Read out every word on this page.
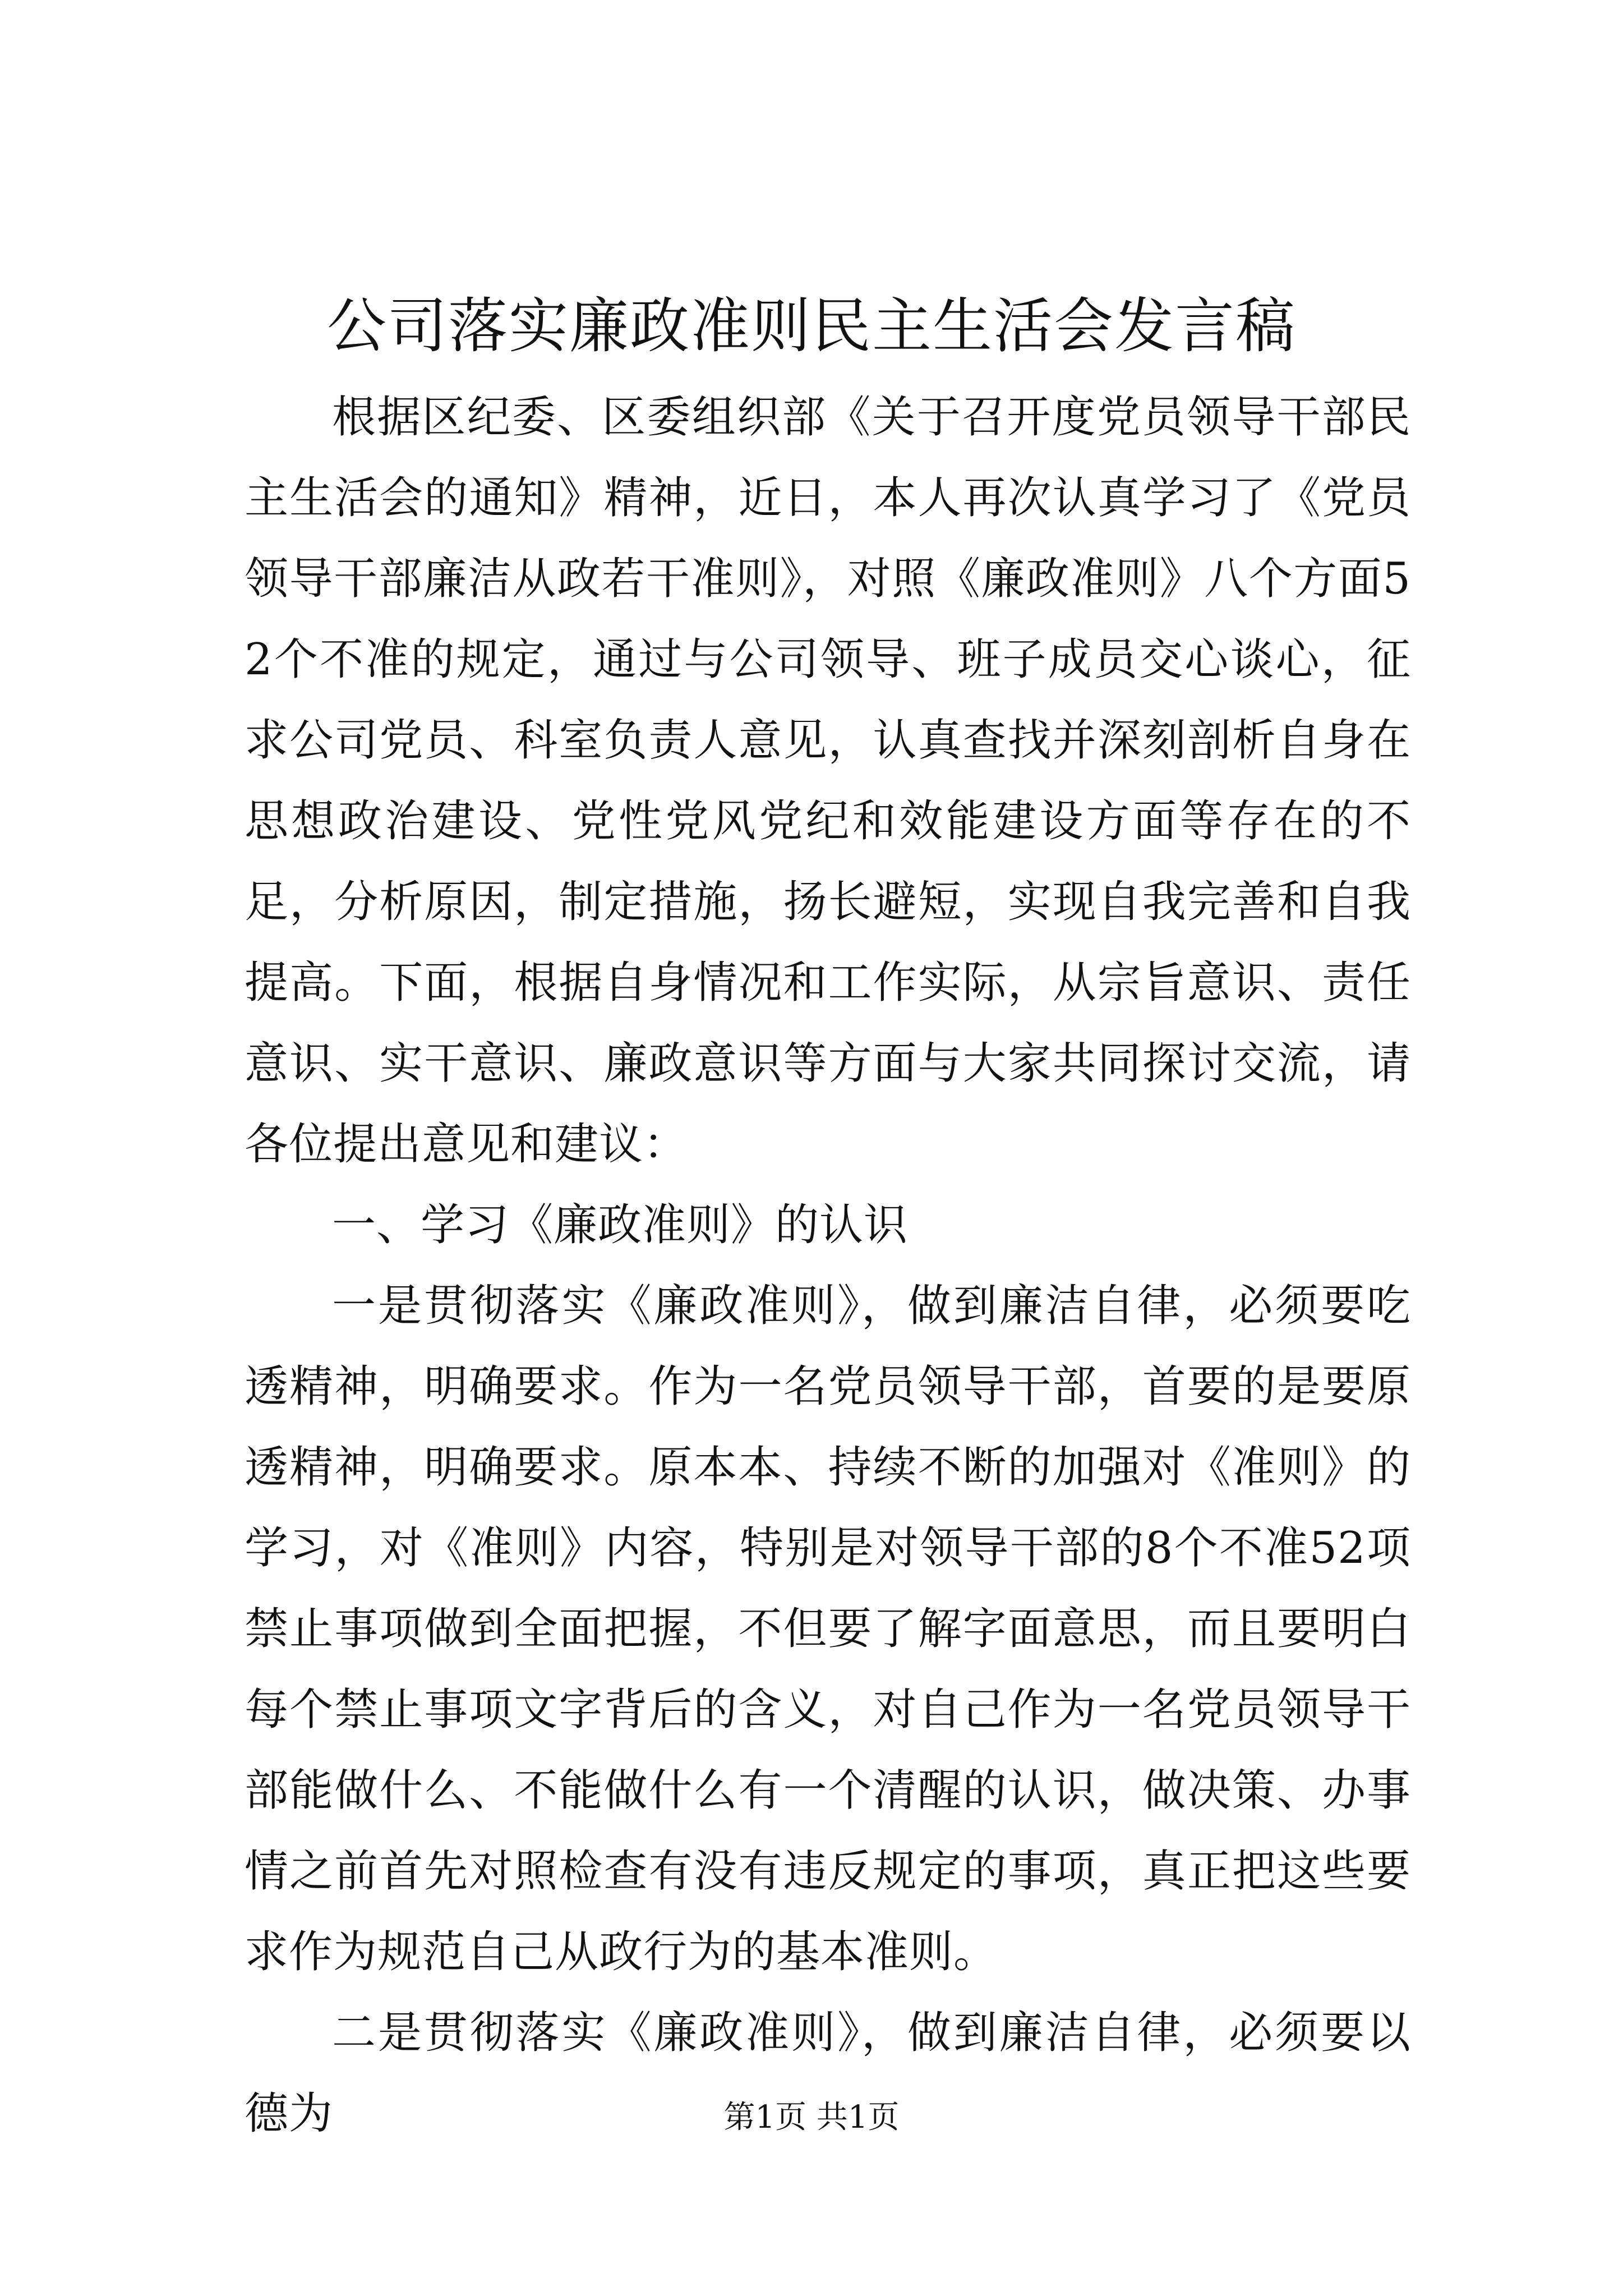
公司落实廉政准则民主生活会发言稿

根据区纪委、区委组织部《关于召开度党员领导干部民主生活会的通知》精神，近日，本人再次认真学习了《党员领导干部廉洁从政若干准则》，对照《廉政准则》八个方面52个不准的规定，通过与公司领导、班子成员交心谈心，征求公司党员、科室负责人意见，认真查找并深刻剖析自身在思想政治建设、党性党风党纪和效能建设方面等存在的不足，分析原因，制定措施，扬长避短，实现自我完善和自我提高。下面，根据自身情况和工作实际，从宗旨意识、责任意识、实干意识、廉政意识等方面与大家共同探讨交流，请各位提出意见和建议：

一、学习《廉政准则》的认识

一是贯彻落实《廉政准则》，做到廉洁自律，必须要吃透精神，明确要求。作为一名党员领导干部，首要的是要原透精神，明确要求。原本本、持续不断的加强对《准则》的学习，对《准则》内容，特别是对领导干部的8个不准52项禁止事项做到全面把握，不但要了解字面意思，而且要明白每个禁止事项文字背后的含义，对自己作为一名党员领导干部能做什么、不能做什么有一个清醒的认识，做决策、办事情之前首先对照检查有没有违反规定的事项，真正把这些要求作为规范自己从政行为的基本准则。

二是贯彻落实《廉政准则》，做到廉洁自律，必须要以德为	第1页 共1页
